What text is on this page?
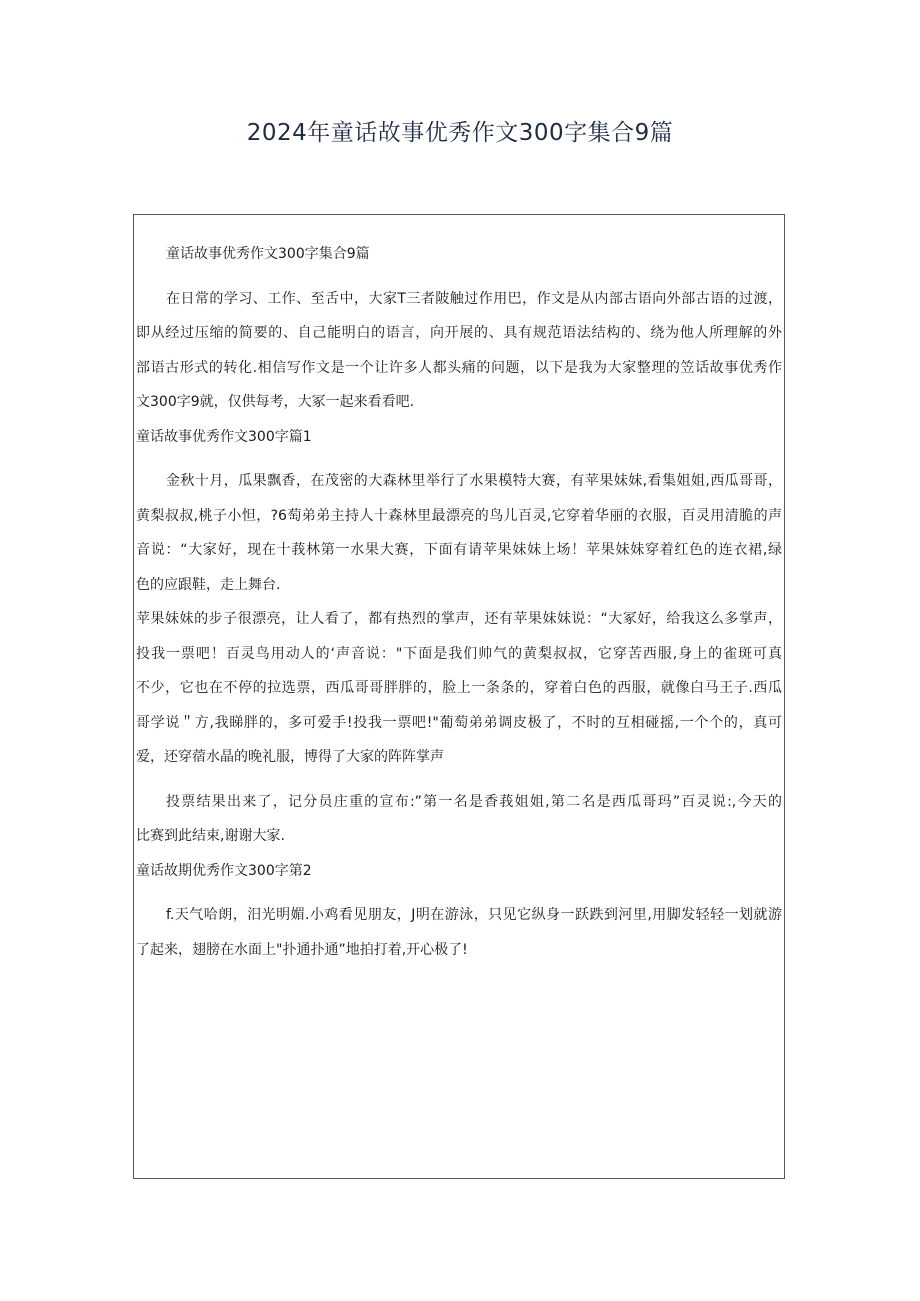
2024年童话故事优秀作文300字集合9篇

童话故事优秀作文300字集合9篇

在日常的学习、工作、至舌中，大家T三者陂触过作用巴，作文是从内部古语向外部古语的过渡，

即从经过压缩的简要的、自己能明白的语言，向开展的、具有规范语法结构的、绕为他人所理解的外

部语古形式的转化.相信写作文是一个让许多人都头痛的问题，以下是我为大家整理的笠话故事优秀作

文300字9就，仅供每考，大冢一起来看看吧.

童话故事优秀作文300字篇1

金秋十月，瓜果飘香，在茂密的大森林里举行了水果模特大赛，有苹果妹妹,看集姐姐,西瓜哥哥，

黄梨叔叔,桃子小怛，?6萄弟弟主持人十森林里最漂亮的鸟儿百灵,它穿着华丽的衣服，百灵用清脆的声

音说：“大家好，现在十莪林第一水果大赛，下面有请苹果妹妹上场！苹果妹妹穿着红色的连衣裙,绿

色的应跟鞋，走上舞台.

苹果妹妹的步子很漂亮，让人看了，都有热烈的掌声，还有苹果妹妹说：“大冢好，给我这么多掌声，

投我一票吧！百灵鸟用动人的‘声音说："下面是我们帅气的黄梨叔叔，它穿苦西服,身上的雀斑可真

不少，它也在不停的拉选票，西瓜哥哥胖胖的，脸上一条条的，穿着白色的西服，就像白马王子.西瓜

哥学说＂方,我睇胖的，多可爱手!投我一票吧!"葡萄弟弟调皮极了，不时的互相碰摇,一个个的，真可

爱，还穿蓿水晶的晚礼服，博得了大家的阵阵掌声

投票结果出来了，记分员庄重的宣布:”第一名是香莪姐姐,第二名是西瓜哥玛”百灵说:,今天的

比赛到此结束,谢谢大家.

童话故期优秀作文300字第2

f.天气哈朗，汨光明媚.小鸡看见朋友，J明在游泳，只见它纵身一跃跌到河里,用脚发轻轻一划就游

了起来，翅膀在水面上"扑通扑通”地拍打着,开心极了!
